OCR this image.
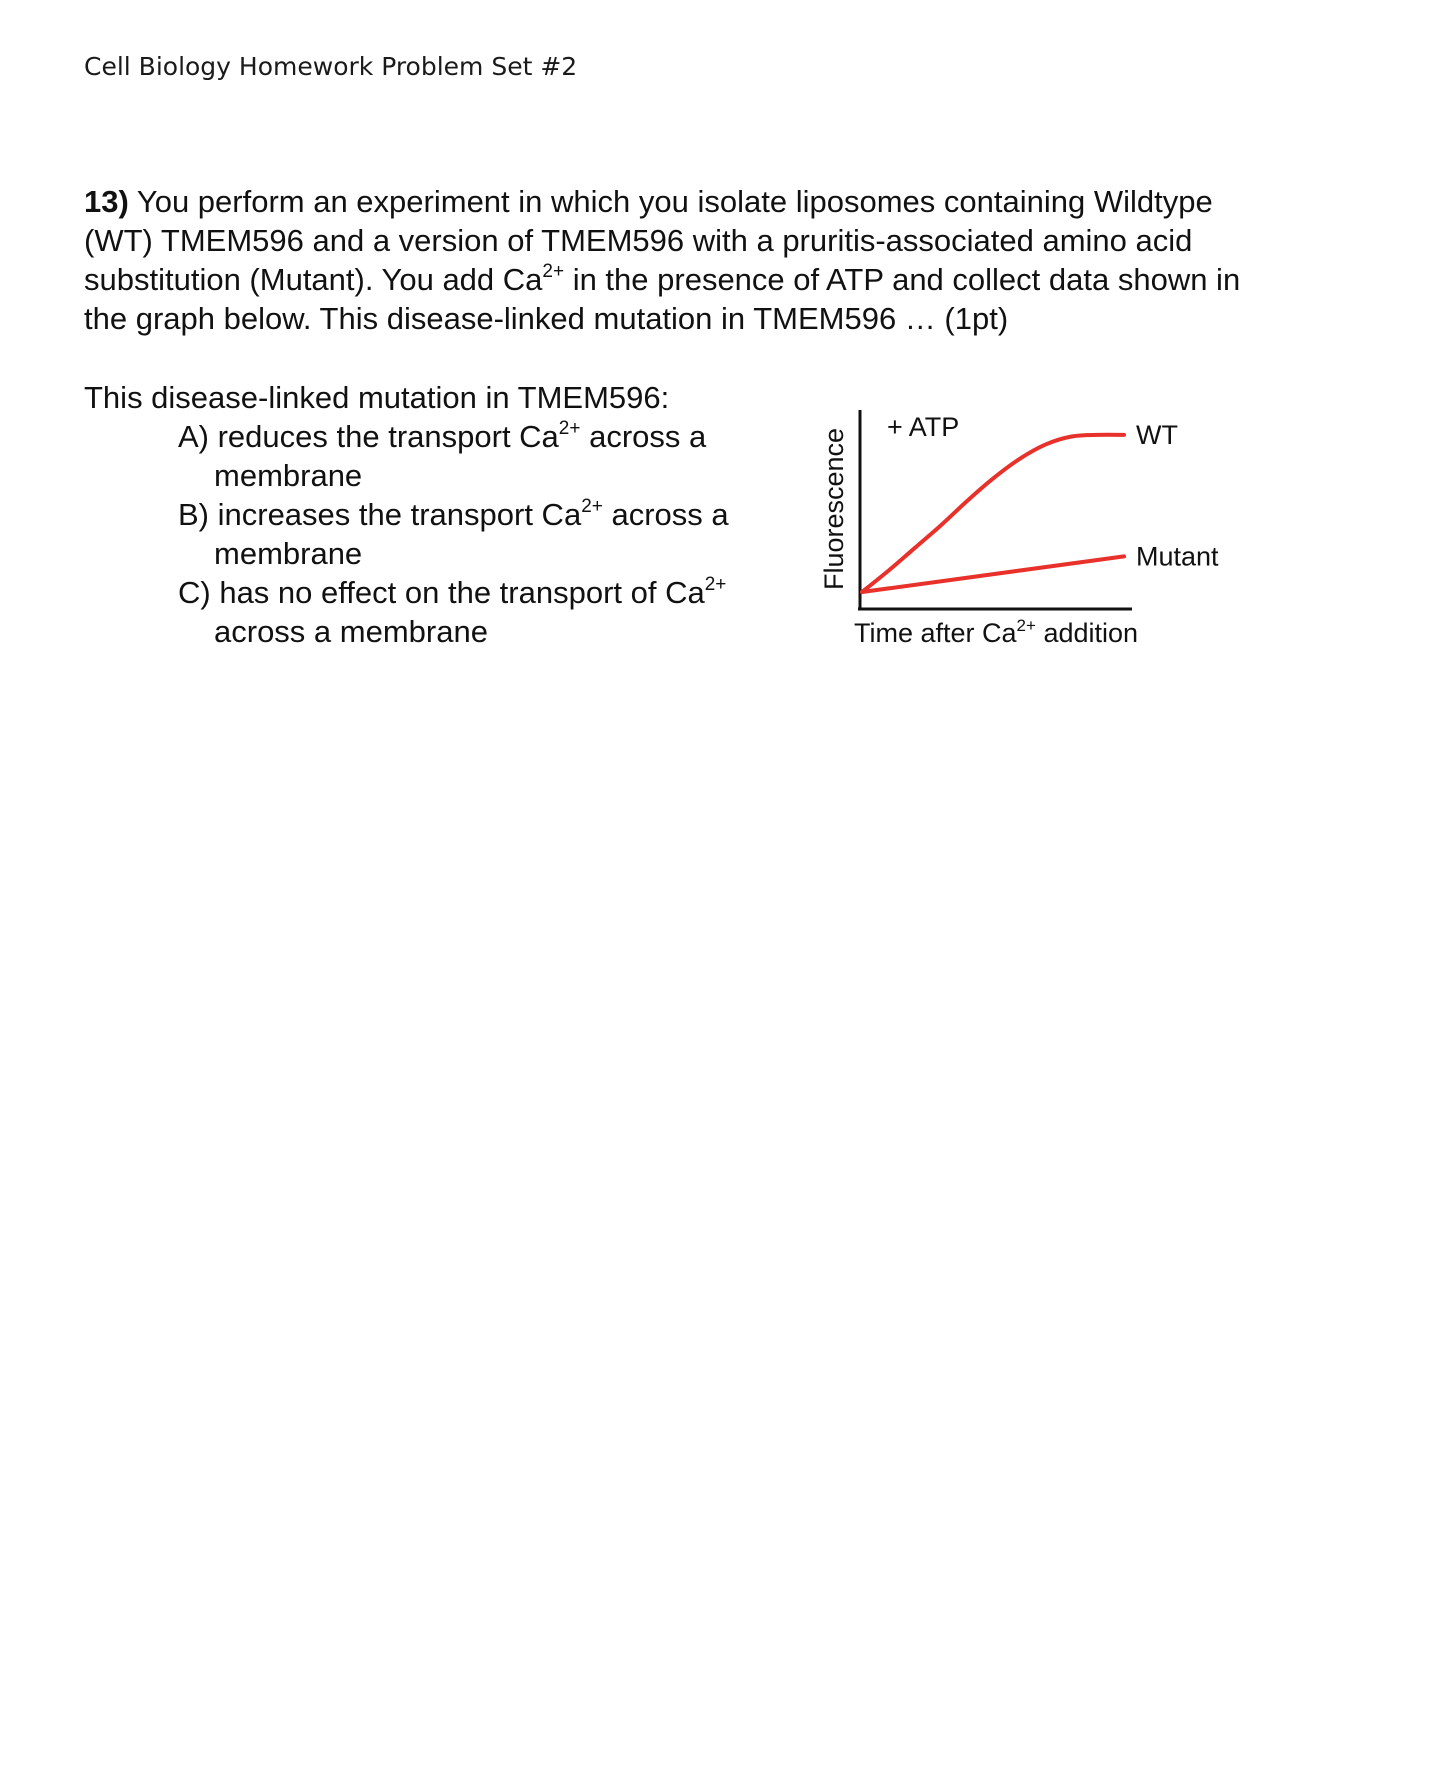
Cell Biology Homework Problem Set #2
13) You perform an experiment in which you isolate liposomes containing Wildtype
(WT) TMEM596 and a version of TMEM596 with a pruritis-associated amino acid
substitution (Mutant). You add $Ca^{2+}$ in the presence of ATP and collect data shown in
the graph below. This disease-linked mutation in TMEM596 … (1pt)
This disease-linked mutation in TMEM596:
A) reduces the transport $Ca^{2+}$ across a
membrane
B) increases the transport $Ca^{2+}$ across a
membrane
C) has no effect on the transport of $Ca^{2+}$
across a membrane
Fluorescence
+ ATP
Time after $Ca^{2+}$ addition
WT
Mutant
